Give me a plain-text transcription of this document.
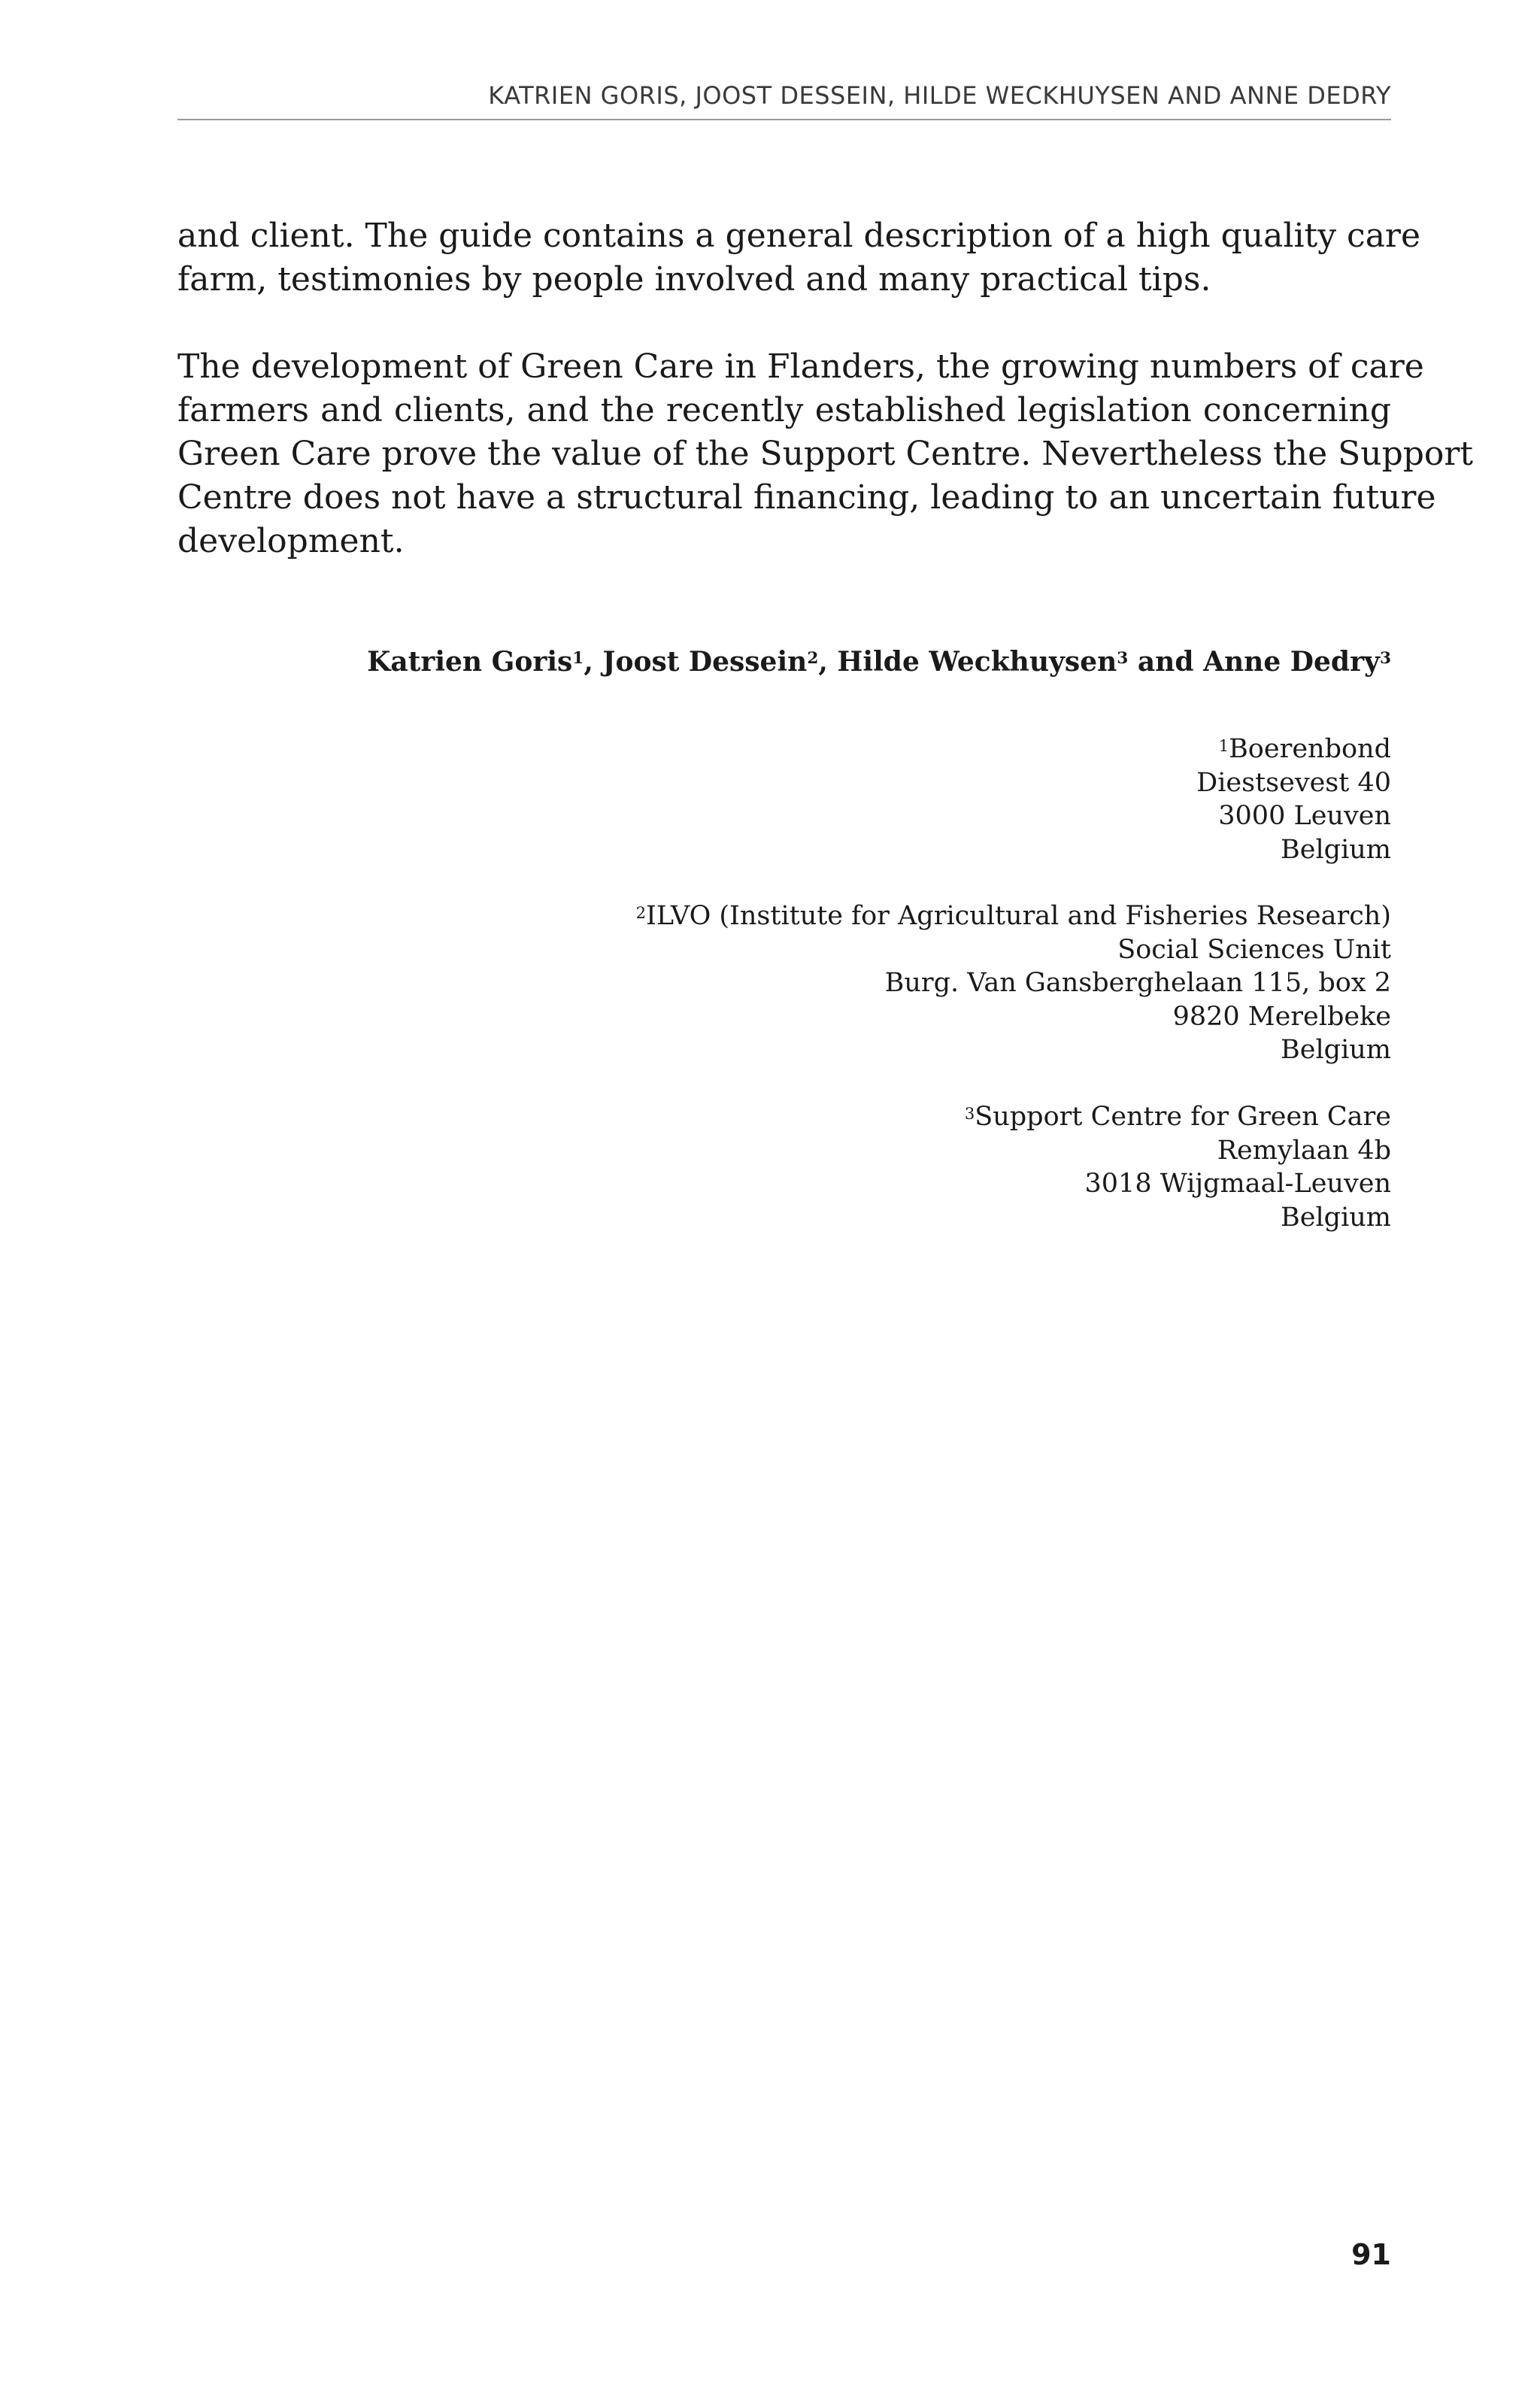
KATRIEN GORIS, JOOST DESSEIN, HILDE WECKHUYSEN AND ANNE DEDRY
and client. The guide contains a general description of a high quality care
farm, testimonies by people involved and many practical tips.
The development of Green Care in Flanders, the growing numbers of care
farmers and clients, and the recently established legislation concerning
Green Care prove the value of the Support Centre. Nevertheless the Support
Centre does not have a structural financing, leading to an uncertain future
development.
Katrien Goris$^1$, Joost Dessein$^2$, Hilde Weckhuysen$^3$ and Anne Dedry$^3$
$^1$Boerenbond
Diestsevest 40
3000 Leuven
Belgium
$^2$ILVO (Institute for Agricultural and Fisheries Research)
Social Sciences Unit
Burg. Van Gansberghelaan 115, box 2
9820 Merelbeke
Belgium
$^3$Support Centre for Green Care
Remylaan 4b
3018 Wijgmaal-Leuven
Belgium
91
